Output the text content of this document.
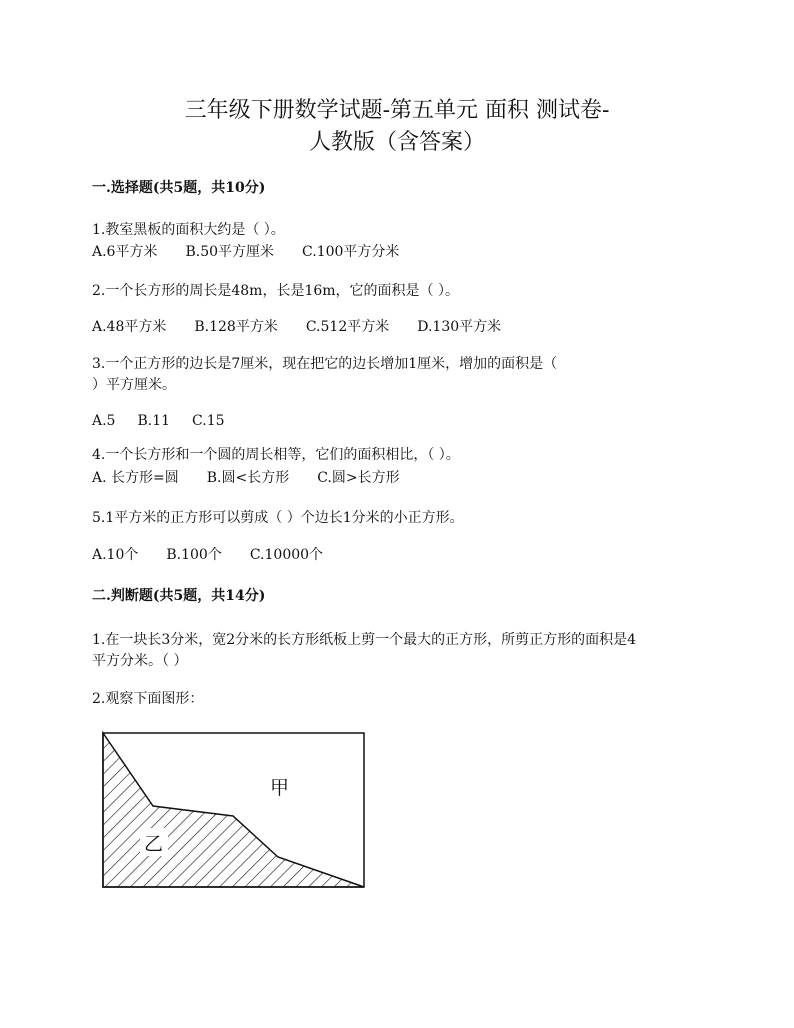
三年级下册数学试题-第五单元 面积 测试卷-
人教版（含答案）
一.选择题(共5题，共10分)
1.教室黑板的面积大约是（ ）。
A.6平方米 B.50平方厘米 C.100平方分米
2.一个长方形的周长是48m，长是16m，它的面积是（ ）。
A.48平方米 B.128平方米 C.512平方米 D.130平方米
3.一个正方形的边长是7厘米，现在把它的边长增加1厘米，增加的面积是（
）平方厘米。
A.5 B.11 C.15
4.一个长方形和一个圆的周长相等，它们的面积相比，（ ）。
A. 长方形=圆 B.圆<长方形 C.圆>长方形
5.1平方米的正方形可以剪成（ ）个边长1分米的小正方形。
A.10个 B.100个 C.10000个
二.判断题(共5题，共14分)
1.在一块长3分米，宽2分米的长方形纸板上剪一个最大的正方形，所剪正方形的面积是4
平方分米。（ ）
2.观察下面图形：
甲
乙
